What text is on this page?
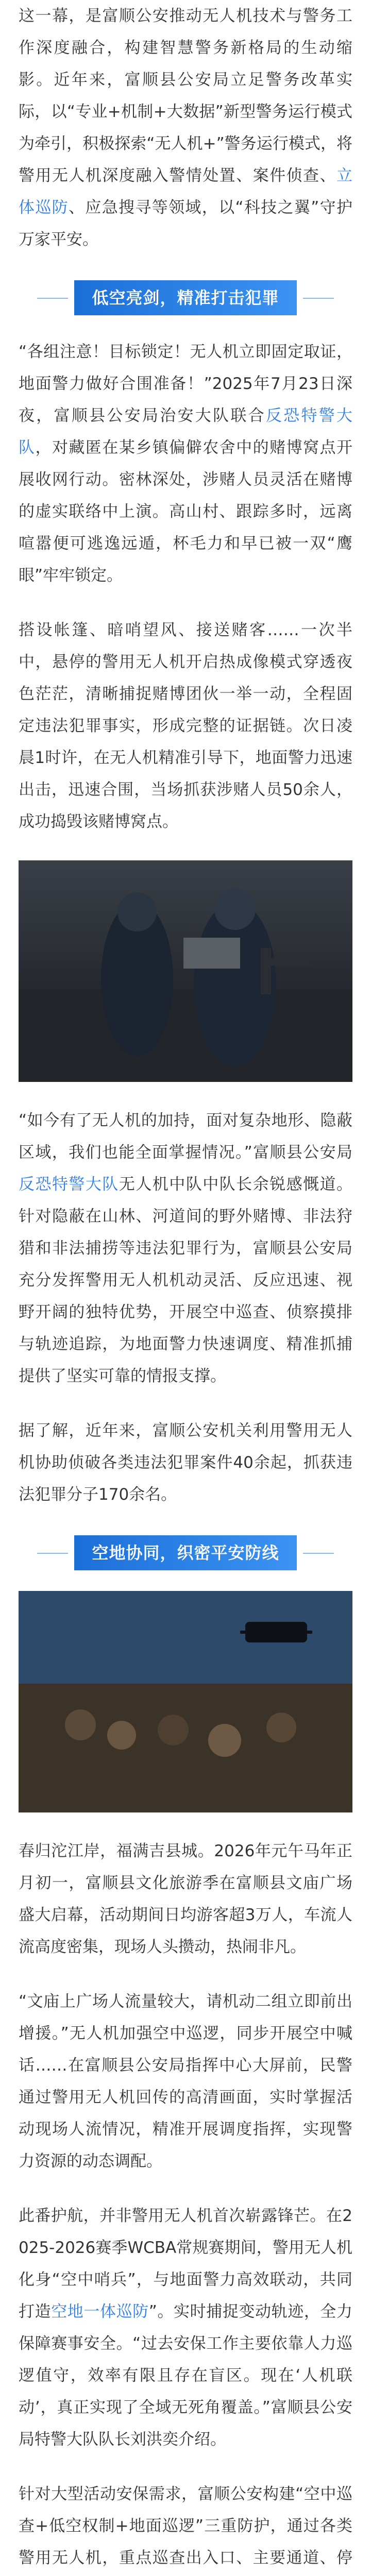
这一幕，是富顺公安推动无人机技术与警务工作深度融合，构建智慧警务新格局的生动缩影。近年来，富顺县公安局立足警务改革实际，以“专业+机制+大数据”新型警务运行模式为牵引，积极探索“无人机+”警务运行模式，将警用无人机深度融入警情处置、案件侦查、立体巡防、应急搜寻等领域，以“科技之翼”守护万家平安。

低空亮剑，精准打击犯罪

“各组注意！目标锁定！无人机立即固定取证，地面警力做好合围准备！”2025年7月23日深夜，富顺县公安局治安大队联合反恐特警大队，对藏匿在某乡镇偏僻农舍中的赌博窝点开展收网行动。密林深处，涉赌人员灵活在赌博的虚实联络中上演。高山村、跟踪多时，远离喧嚣便可逃逸远遁，杯毛力和早已被一双“鹰眼”牢牢锁定。

搭设帐篷、暗哨望风、接送赌客……一次半中，悬停的警用无人机开启热成像模式穿透夜色茫茫，清晰捕捉赌博团伙一举一动，全程固定违法犯罪事实，形成完整的证据链。次日凌晨1时许，在无人机精准引导下，地面警力迅速出击，迅速合围，当场抓获涉赌人员50余人，成功捣毁该赌博窝点。

“如今有了无人机的加持，面对复杂地形、隐蔽区域，我们也能全面掌握情况。”富顺县公安局反恐特警大队无人机中队中队长余锐感慨道。针对隐蔽在山林、河道间的野外赌博、非法狩猎和非法捕捞等违法犯罪行为，富顺县公安局充分发挥警用无人机机动灵活、反应迅速、视野开阔的独特优势，开展空中巡查、侦察摸排与轨迹追踪，为地面警力快速调度、精准抓捕提供了坚实可靠的情报支撑。

据了解，近年来，富顺公安机关利用警用无人机协助侦破各类违法犯罪案件40余起，抓获违法犯罪分子170余名。

空地协同，织密平安防线

春归沱江岸，福满吉县城。2026年元午马年正月初一，富顺县文化旅游季在富顺县文庙广场盛大启幕，活动期间日均游客超3万人，车流人流高度密集，现场人头攒动，热闹非凡。

“文庙上广场人流量较大，请机动二组立即前出增援。”无人机加强空中巡逻，同步开展空中喊话……在富顺县公安局指挥中心大屏前，民警通过警用无人机回传的高清画面，实时掌握活动现场人流情况，精准开展调度指挥，实现警力资源的动态调配。

此番护航，并非警用无人机首次崭露锋芒。在2025-2026赛季WCBA常规赛期间，警用无人机化身“空中哨兵”，与地面警力高效联动，共同打造空地一体巡防”。实时捕捉变动轨迹，全力保障赛事安全。“过去安保工作主要依靠人力巡逻值守，效率有限且存在盲区。现在‘人机联动’，真正实现了全域无死角覆盖。”富顺县公安局特警大队队长刘洪奕介绍。

针对大型活动安保需求，富顺公安构建“空中巡查+低空权制+地面巡逻”三重防护，通过各类警用无人机，重点巡查出入口、主要通道、停
